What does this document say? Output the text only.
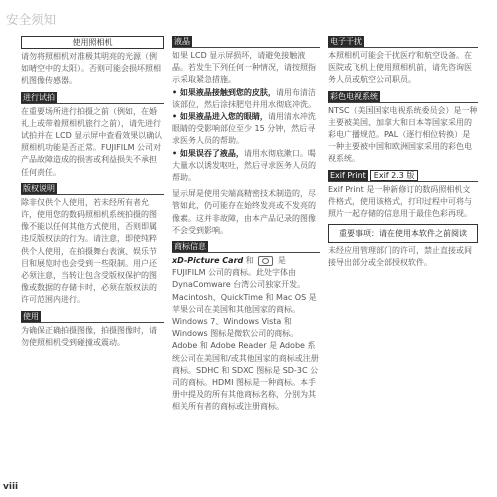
安全须知
使用照相机

请勿将照相机对准极其明亮的光源（例如晴空中的太阳）。否则可能会损坏照相机图像传感器。

进行试拍

在重要场所进行拍摄之前（例如，在婚礼上或带着照相机旅行之前），请先进行试拍并在 LCD 显示屏中查看效果以确认照相机功能是否正常。FUJIFILM 公司对产品故障造成的损害或利益损失不承担任何责任。

版权说明

除非仅供个人使用，若未经所有者允许，使用您的数码照相机系统拍摄的图像不能以任何其他方式使用，否则即属违反版权法的行为。请注意，即使纯粹供个人使用，在拍摄舞台表演、娱乐节目和展览时也会受到一些限制。用户还必须注意，当转让包含受版权保护的图像或数据的存储卡时，必须在版权法的许可范围内进行。

使用

为确保正确拍摄图像，拍摄图像时，请勿使照相机受到碰撞或震动。

液晶

如果 LCD 显示屏损坏，请避免接触液晶。若发生下列任何一种情况，请按照指示采取紧急措施。

• 如果液晶接触到您的皮肤，请用布清洁该部位，然后涂抹肥皂并用水彻底冲洗。

• 如果液晶进入您的眼睛，请用清水冲洗眼睛的受影响部位至少 15 分钟，然后寻求医务人员的帮助。

• 如果误吞了液晶，请用水彻底漱口。喝大量水以诱发呕吐，然后寻求医务人员的帮助。

显示屏是使用尖端高精密技术制造的，尽管如此，仍可能存在始终发亮或不发亮的像素。这并非故障，由本产品记录的图像不会受到影响。

商标信息

xD-Picture Card 和  是

FUJIFILM 公司的商标。此处字体由 DynaComware 台湾公司独家开发。Macintosh、QuickTime 和 Mac OS 是苹果公司在美国和其他国家的商标。Windows 7、Windows Vista 和 Windows 图标是微软公司的商标。Adobe 和 Adobe Reader 是 Adobe 系统公司在美国和/或其他国家的商标或注册商标。SDHC 和 SDXC 图标是 SD-3C 公司的商标。HDMI 图标是一种商标。本手册中提及的所有其他商标名称，分别为其相关所有者的商标或注册商标。

电子干扰

本照相机可能会干扰医疗和航空设备。在医院或飞机上使用照相机前，请先咨询医务人员或航空公司职员。

彩色电视系统

NTSC（美国国家电视系统委员会）是一种主要被美国、加拿大和日本等国家采用的彩电广播规范。PAL（逐行相位转换）是一种主要被中国和欧洲国家采用的彩色电视系统。

Exif Print Exif 2.3 版

Exif Print 是一种新修订的数码照相机文件格式，使用该格式，打印过程中可将与照片一起存储的信息用于最佳色彩再现。

重要事项：请在使用本软件之前阅读

未经应用管理部门的许可，禁止直接或间接导出部分或全部授权软件。

viii
